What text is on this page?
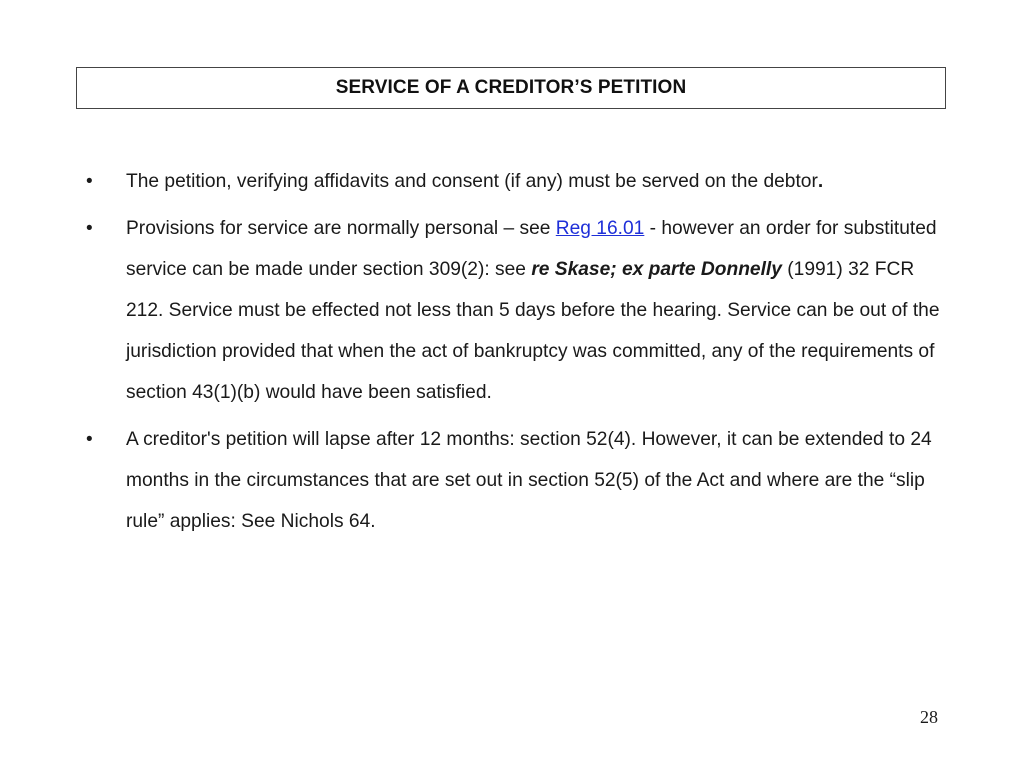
SERVICE OF A CREDITOR’S PETITION
• The petition, verifying affidavits and consent (if any) must be served on the debtor.
• Provisions for service are normally personal – see Reg 16.01 - however an order for substituted service can be made under section 309(2): see re Skase; ex parte Donnelly (1991) 32 FCR 212. Service must be effected not less than 5 days before the hearing. Service can be out of the jurisdiction provided that when the act of bankruptcy was committed, any of the requirements of section 43(1)(b) would have been satisfied.
• A creditor's petition will lapse after 12 months: section 52(4). However, it can be extended to 24 months in the circumstances that are set out in section 52(5) of the Act and where are the “slip rule” applies: See Nichols 64.
28
